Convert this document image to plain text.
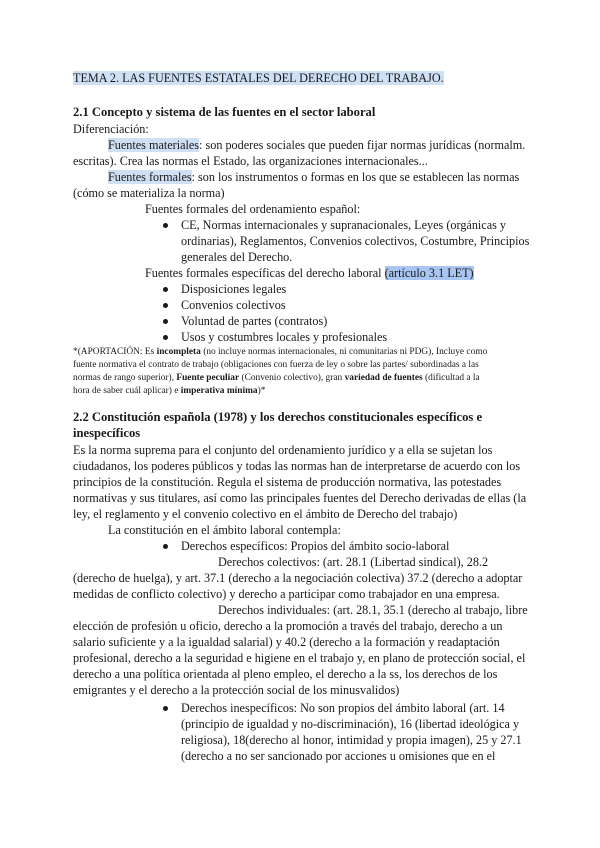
TEMA 2. LAS FUENTES ESTATALES DEL DERECHO DEL TRABAJO.
2.1 Concepto y sistema de las fuentes en el sector laboral
Diferenciación:
Fuentes materiales: son poderes sociales que pueden fijar normas jurídicas (normalm.
escritas). Crea las normas el Estado, las organizaciones internacionales...
Fuentes formales: son los instrumentos o formas en los que se establecen las normas
(cómo se materializa la norma)
Fuentes formales del ordenamiento español:
CE, Normas internacionales y supranacionales, Leyes (orgánicas y
ordinarias), Reglamentos, Convenios colectivos, Costumbre, Principios
generales del Derecho.
Fuentes formales específicas del derecho laboral (artículo 3.1 LET)
Disposiciones legales
Convenios colectivos
Voluntad de partes (contratos)
Usos y costumbres locales y profesionales
*(APORTACIÓN: Es incompleta (no incluye normas internacionales, ni comunitarias ni PDG), Incluye como
fuente normativa el contrato de trabajo (obligaciones con fuerza de ley o sobre las partes/ subordinadas a las
normas de rango superior), Fuente peculiar (Convenio colectivo), gran variedad de fuentes (dificultad a la
hora de saber cuál aplicar) e imperativa mínima)*
2.2 Constitución española (1978) y los derechos constitucionales específicos e
inespecíficos
Es la norma suprema para el conjunto del ordenamiento jurídico y a ella se sujetan los
ciudadanos, los poderes públicos y todas las normas han de interpretarse de acuerdo con los
principios de la constitución. Regula el sistema de producción normativa, las potestades
normativas y sus titulares, así como las principales fuentes del Derecho derivadas de ellas (la
ley, el reglamento y el convenio colectivo en el ámbito de Derecho del trabajo)
La constitución en el ámbito laboral contempla:
Derechos específicos: Propios del ámbito socio-laboral
Derechos colectivos: (art. 28.1 (Libertad sindical), 28.2
(derecho de huelga), y art. 37.1 (derecho a la negociación colectiva) 37.2 (derecho a adoptar
medidas de conflicto colectivo) y derecho a participar como trabajador en una empresa.
Derechos individuales: (art. 28.1, 35.1 (derecho al trabajo, libre
elección de profesión u oficio, derecho a la promoción a través del trabajo, derecho a un
salario suficiente y a la igualdad salarial) y 40.2 (derecho a la formación y readaptación
profesional, derecho a la seguridad e higiene en el trabajo y, en plano de protección social, el
derecho a una política orientada al pleno empleo, el derecho a la ss, los derechos de los
emigrantes y el derecho a la protección social de los minusvalidos)
Derechos inespecíficos: No son propios del ámbito laboral (art. 14
(principio de igualdad y no-discriminación), 16 (libertad ideológica y
religiosa), 18(derecho al honor, intimidad y propia imagen), 25 y 27.1
(derecho a no ser sancionado por acciones u omisiones que en el
